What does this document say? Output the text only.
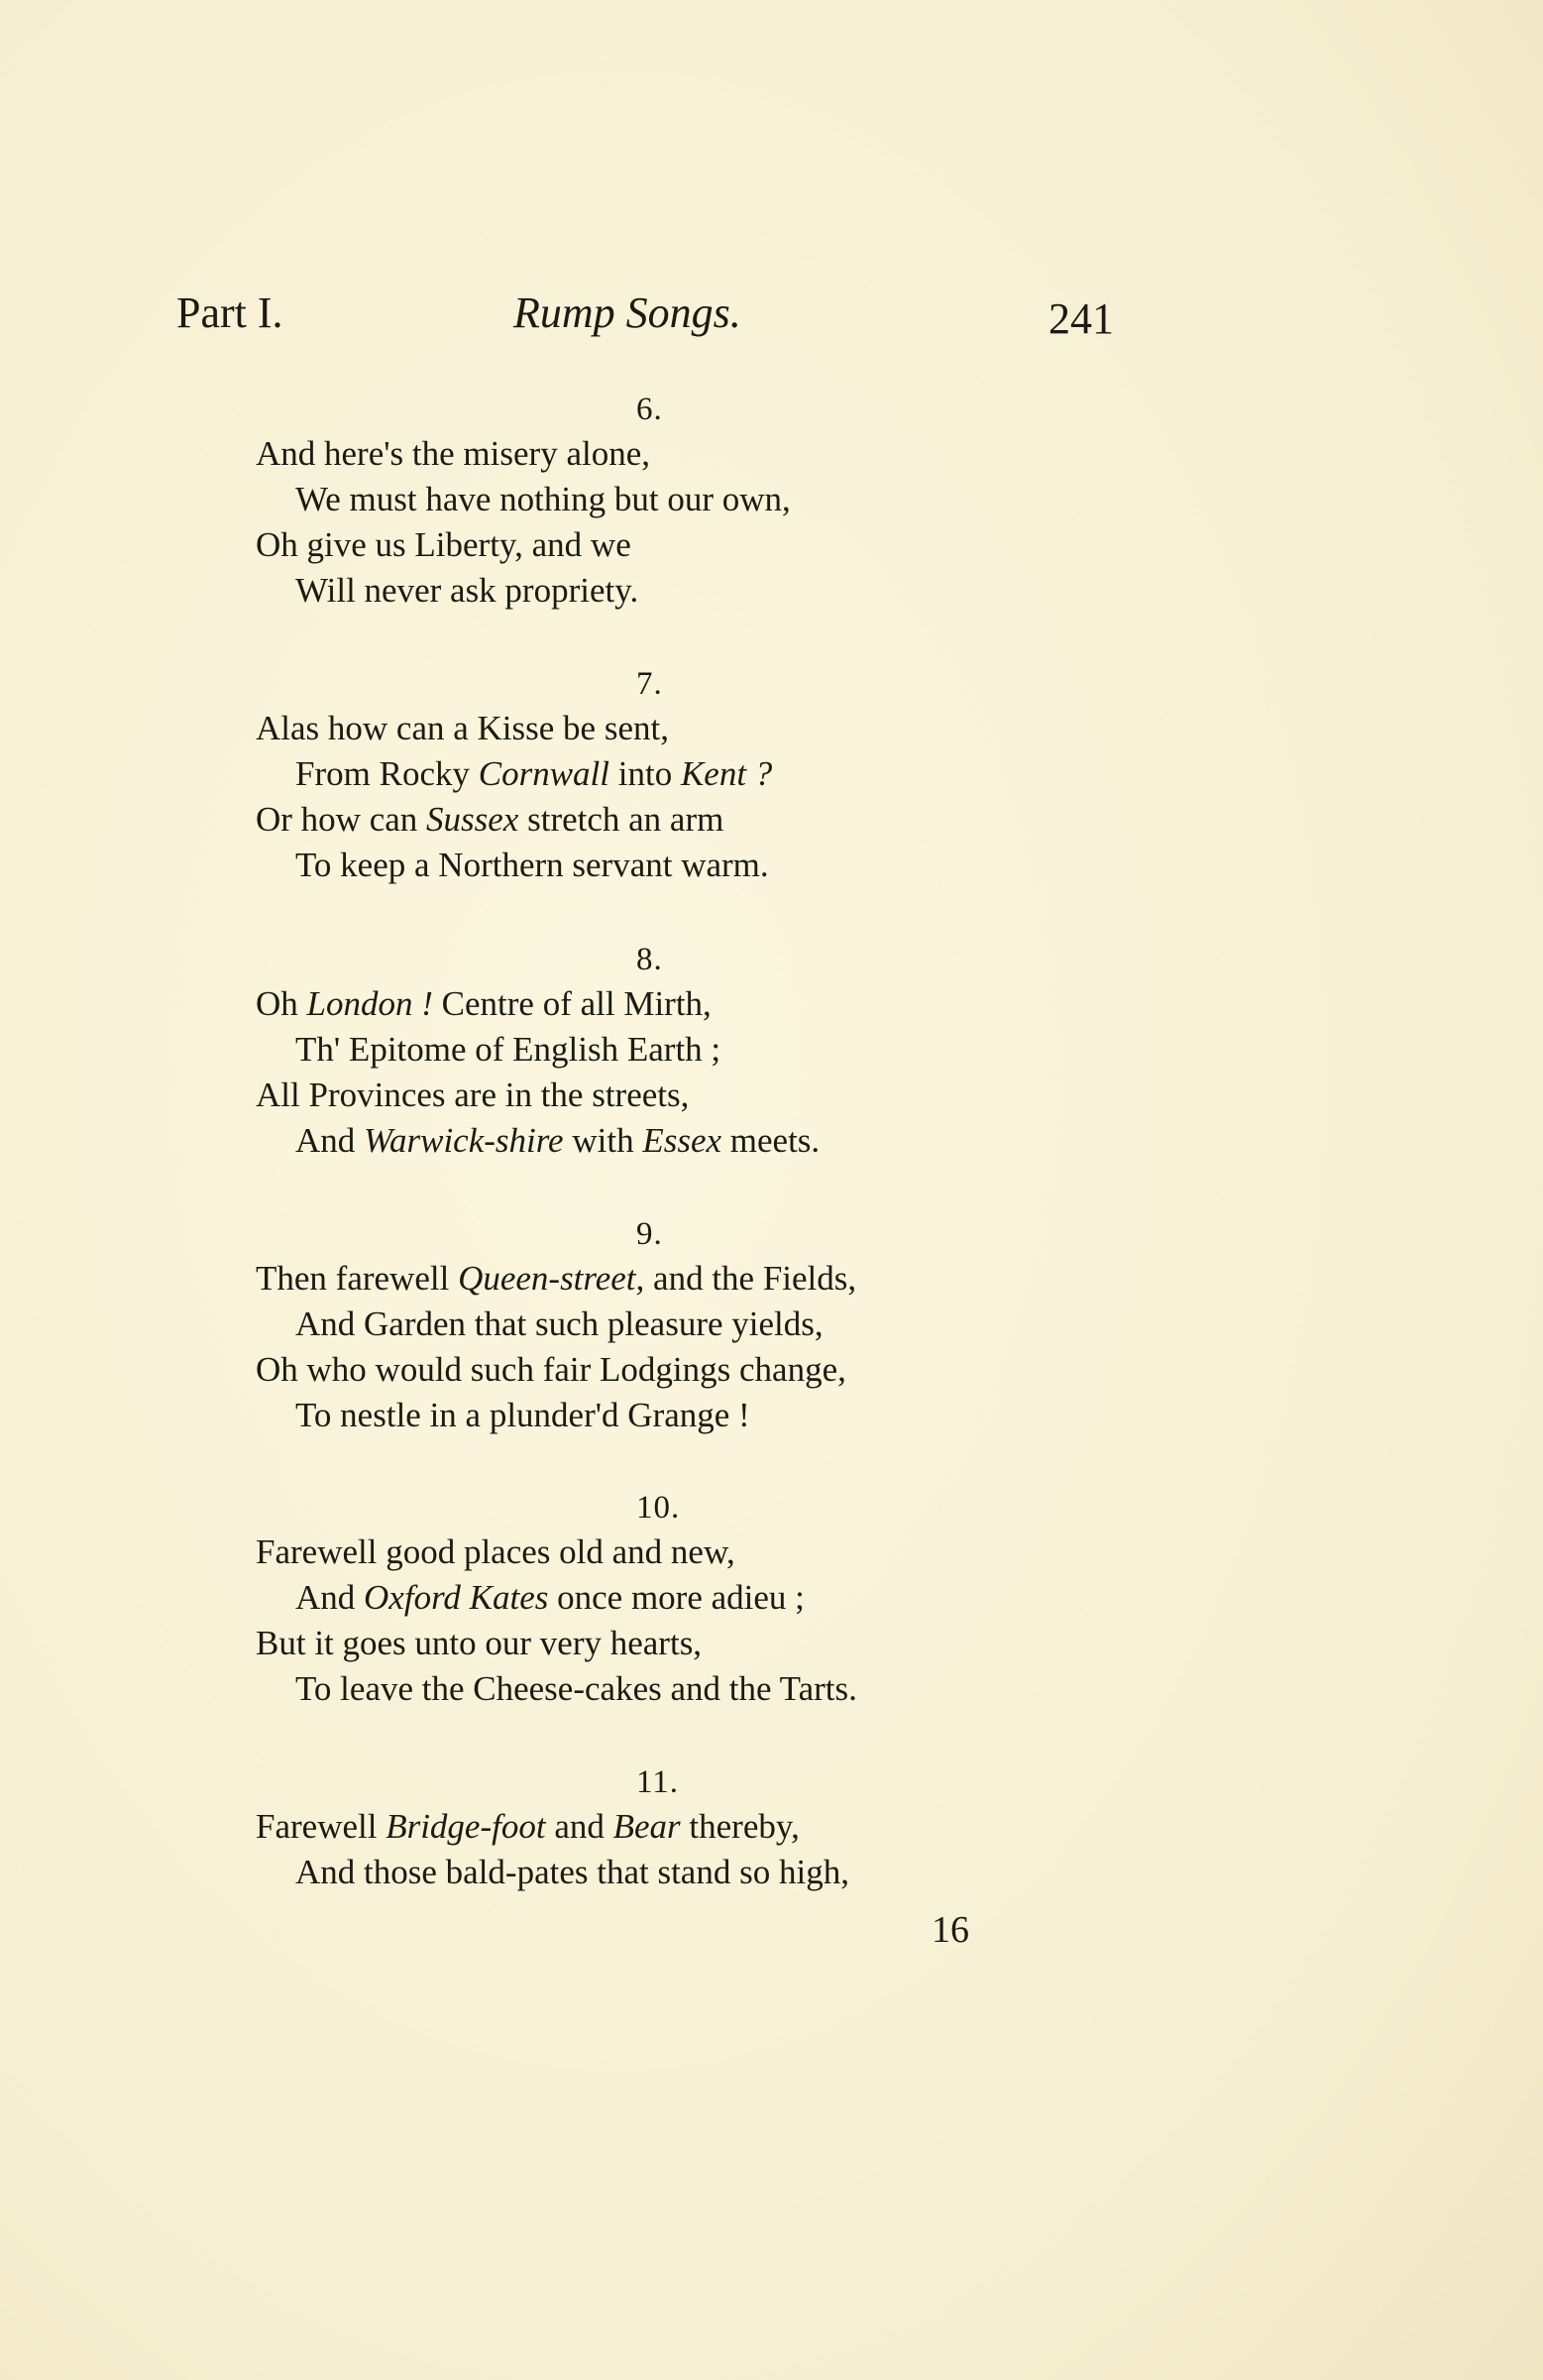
Part I.	Rump Songs.	241
6.
And here's the misery alone,
We must have nothing but our own,
Oh give us Liberty, and we
Will never ask propriety.
7.
Alas how can a Kisse be sent,
From Rocky Cornwall into Kent ?
Or how can Sussex stretch an arm
To keep a Northern servant warm.
8.
Oh London ! Centre of all Mirth,
Th' Epitome of English Earth ;
All Provinces are in the streets,
And Warwick-shire with Essex meets.
9.
Then farewell Queen-street, and the Fields,
And Garden that such pleasure yields,
Oh who would such fair Lodgings change,
To nestle in a plunder'd Grange !
10.
Farewell good places old and new,
And Oxford Kates once more adieu ;
But it goes unto our very hearts,
To leave the Cheese-cakes and the Tarts.
11.
Farewell Bridge-foot and Bear thereby,
And those bald-pates that stand so high,
16
